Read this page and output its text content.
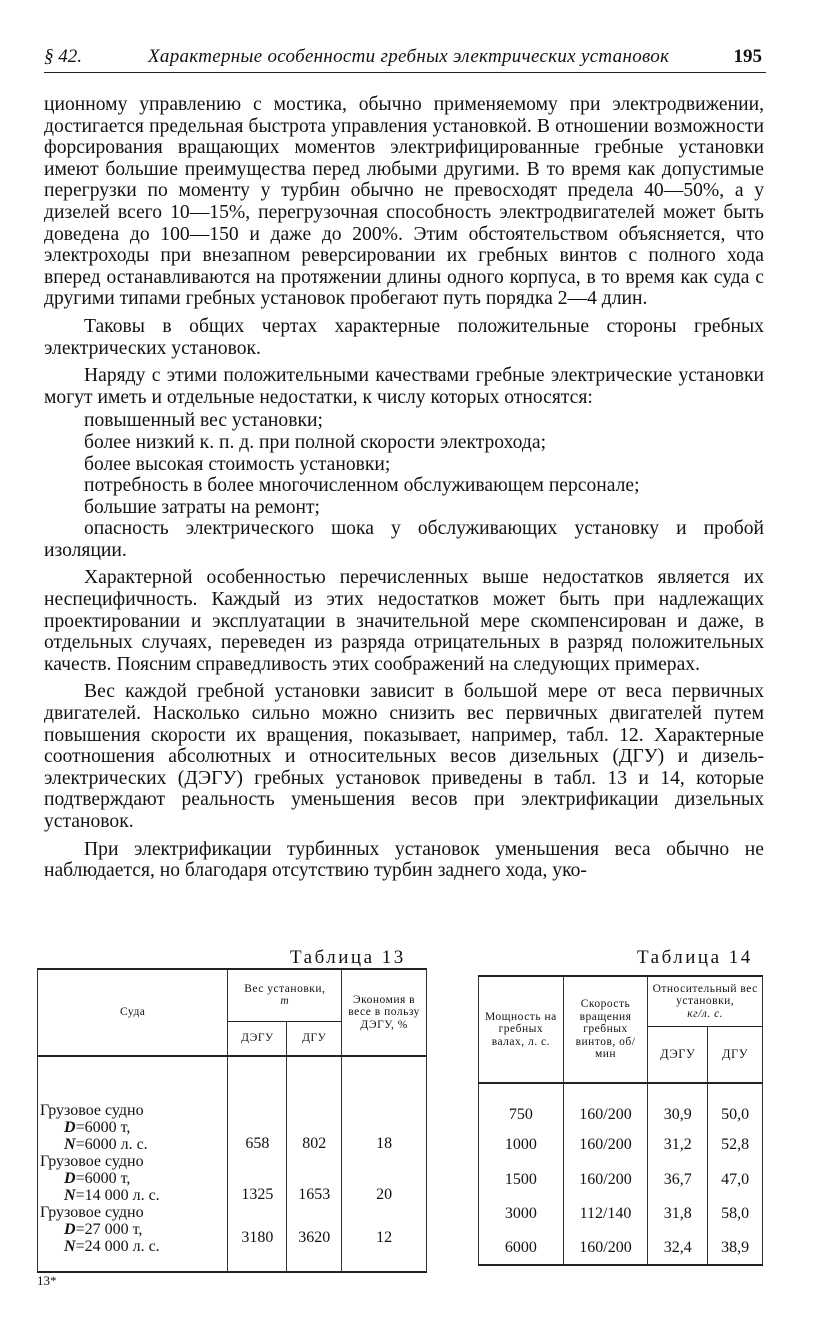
§ 42.	Характерные особенности гребных электрических установок	195

ционному управлению с мостика, обычно применяемому при электродвижении, достигается предельная быстрота управления установкой. В отношении возможности форсирования вращающих моментов электрифицированные гребные установки имеют большие преимущества перед любыми другими. В то время как допустимые перегрузки по моменту у турбин обычно не превосходят предела 40—50%, а у дизелей всего 10—15%, перегрузочная способность электродвигателей может быть доведена до 100—150 и даже до 200%. Этим обстоятельством объясняется, что электроходы при внезапном реверсировании их гребных винтов с полного хода вперед останавливаются на протяжении длины одного корпуса, в то время как суда с другими типами гребных установок пробегают путь порядка 2—4 длин.

Таковы в общих чертах характерные положительные стороны гребных электрических установок.

Наряду с этими положительными качествами гребные электрические установки могут иметь и отдельные недостатки, к числу которых относятся:

повышенный вес установки;
более низкий к. п. д. при полной скорости электрохода;
более высокая стоимость установки;
потребность в более многочисленном обслуживающем персонале;
большие затраты на ремонт;
опасность электрического шока у обслуживающих установку и пробой изоляции.

Характерной особенностью перечисленных выше недостатков является их неспецифичность. Каждый из этих недостатков может быть при надлежащих проектировании и эксплуатации в значительной мере скомпенсирован и даже, в отдельных случаях, переведен из разряда отрицательных в разряд положительных качеств. Поясним справедливость этих соображений на следующих примерах.

Вес каждой гребной установки зависит в большой мере от веса первичных двигателей. Насколько сильно можно снизить вес первичных двигателей путем повышения скорости их вращения, показывает, например, табл. 12. Характерные соотношения абсолютных и относительных весов дизельных (ДГУ) и дизель-электрических (ДЭГУ) гребных установок приведены в табл. 13 и 14, которые подтверждают реальность уменьшения весов при электрификации дизельных установок.

При электрификации турбинных установок уменьшения веса обычно не наблюдается, но благодаря отсутствию турбин заднего хода, уко-

Таблица 13
Суда	Вес установки,
т		Экономия в весе в пользу ДЭГУ, %
	ДЭГУ	ДГУ	
Грузовое судно
D=6000 т,
N=6000 л. с.	658	802	18
Грузовое судно
D=6000 т,
N=14 000 л. с.	1325	1653	20
Грузовое судно
D=27 000 т,
N=24 000 л. с.	3180	3620	12
Таблица 14
Мощность на гребных валах, л. с.	Скорость вращения гребных винтов, об/мин	Относительный вес установки,
кг/л. с.	
		ДЭГУ	ДГУ
750	160/200	30,9	50,0
1000	160/200	31,2	52,8
1500	160/200	36,7	47,0
3000	112/140	31,8	58,0
6000	160/200	32,4	38,9
13*
